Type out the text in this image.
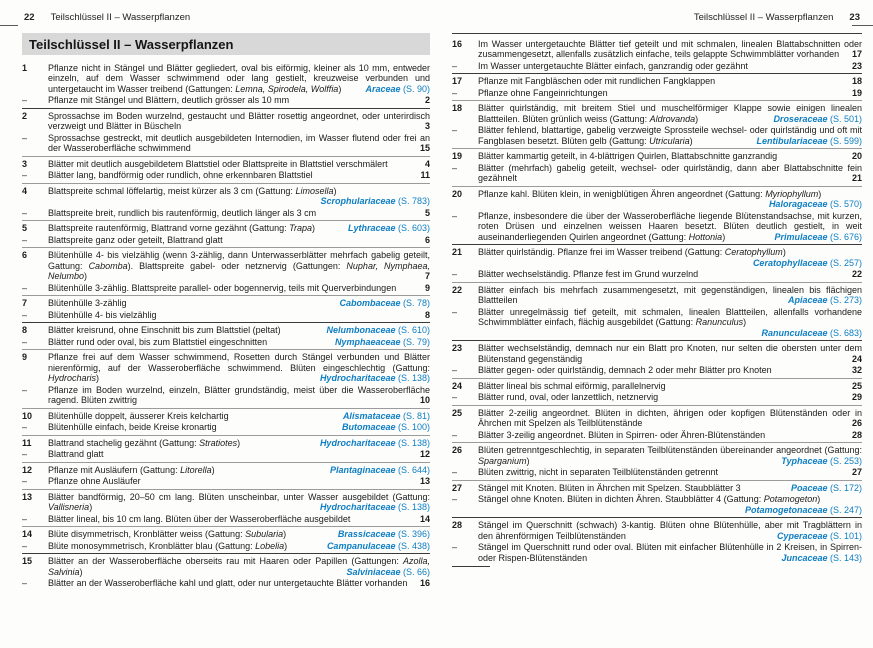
22 Teilschlüssel II – Wasserpflanzen
Teilschlüssel II – Wasserpflanzen
1	Pflanze nicht in Stängel und Blätter gegliedert, oval bis eiförmig, kleiner als 10 mm, entweder einzeln, auf dem Wasser schwimmend oder lang gestielt, kreuzweise verbunden und untergetaucht im Wasser treibend (Gattungen: Lemna, Spirodela, Wolffia)	Araceae (S. 90)
–	Pflanze mit Stängel und Blättern, deutlich grösser als 10 mm	2
2	Sprossachse im Boden wurzelnd, gestaucht und Blätter rosettig angeordnet, oder unterirdisch verzweigt und Blätter in Büscheln	3
–	Sprossachse gestreckt, mit deutlich ausgebildeten Internodien, im Wasser flutend oder frei an der Wasseroberfläche schwimmend	15
3	Blätter mit deutlich ausgebildetem Blattstiel oder Blattspreite in Blattstiel verschmälert	4
–	Blätter lang, bandförmig oder rundlich, ohne erkennbaren Blattstiel	11
4	Blattspreite schmal löffelartig, meist kürzer als 3 cm (Gattung: Limosella)
Scrophulariaceae (S. 783)
–	Blattspreite breit, rundlich bis rautenförmig, deutlich länger als 3 cm	5
5	Blattspreite rautenförmig, Blattrand vorne gezähnt (Gattung: Trapa)	Lythraceae (S. 603)
–	Blattspreite ganz oder geteilt, Blattrand glatt	6
6	Blütenhülle 4- bis vielzählig (wenn 3-zählig, dann Unterwasserblätter mehrfach gabelig geteilt, Gattung: Cabomba). Blattspreite gabel- oder netznervig (Gattungen: Nuphar, Nymphaea, Nelumbo)	7
–	Blütenhülle 3-zählig. Blattspreite parallel- oder bogennervig, teils mit Querverbindungen	9
7	Blütenhülle 3-zählig	Cabombaceae (S. 78)
–	Blütenhülle 4- bis vielzählig	8
8	Blätter kreisrund, ohne Einschnitt bis zum Blattstiel (peltat)	Nelumbonaceae (S. 610)
–	Blätter rund oder oval, bis zum Blattstiel eingeschnitten	Nymphaeaceae (S. 79)
9	Pflanze frei auf dem Wasser schwimmend, Rosetten durch Stängel verbunden und Blätter nierenförmig, auf der Wasseroberfläche schwimmend. Blüten eingeschlechtig (Gattung: Hydrocharis)	Hydrocharitaceae (S. 138)
–	Pflanze im Boden wurzelnd, einzeln, Blätter grundständig, meist über die Wasseroberfläche ragend. Blüten zwittrig	10
10	Blütenhülle doppelt, äusserer Kreis kelchartig	Alismataceae (S. 81)
–	Blütenhülle einfach, beide Kreise kronartig	Butomaceae (S. 100)
11	Blattrand stachelig gezähnt (Gattung: Stratiotes)	Hydrocharitaceae (S. 138)
–	Blattrand glatt	12
12	Pflanze mit Ausläufern (Gattung: Litorella)	Plantaginaceae (S. 644)
–	Pflanze ohne Ausläufer	13
13	Blätter bandförmig, 20–50 cm lang. Blüten unscheinbar, unter Wasser ausgebildet (Gattung: Vallisneria)	Hydrocharitaceae (S. 138)
–	Blätter lineal, bis 10 cm lang. Blüten über der Wasseroberfläche ausgebildet	14
14	Blüte disymmetrisch, Kronblätter weiss (Gattung: Subularia)	Brassicaceae (S. 396)
–	Blüte monosymmetrisch, Kronblätter blau (Gattung: Lobelia)	Campanulaceae (S. 438)
15	Blätter an der Wasseroberfläche oberseits rau mit Haaren oder Papillen (Gattungen: Azolla, Salvinia)	Salviniaceae (S. 66)
–	Blätter an der Wasseroberfläche kahl und glatt, oder nur untergetauchte Blätter vorhanden 16
Teilschlüssel II – Wasserpflanzen 23
16	Im Wasser untergetauchte Blätter tief geteilt und mit schmalen, linealen Blattabschnitten oder zusammengesetzt, allenfalls zusätzlich einfache, teils gelappte Schwimmblätter vorhanden 17
–	Im Wasser untergetauchte Blätter einfach, ganzrandig oder gezähnt	23
17	Pflanze mit Fangbläschen oder mit rundlichen Fangklappen	18
–	Pflanze ohne Fangeinrichtungen	19
18	Blätter quirlständig, mit breitem Stiel und muschelförmiger Klappe sowie einigen linealen Blattteilen. Blüten grünlich weiss (Gattung: Aldrovanda)	Droseraceae (S. 501)
–	Blätter fehlend, blattartige, gabelig verzweigte Sprossteile wechsel- oder quirlständig und oft mit Fangblasen besetzt. Blüten gelb (Gattung: Utricularia)	Lentibulariaceae (S. 599)
19	Blätter kammartig geteilt, in 4-blättrigen Quirlen, Blattabschnitte ganzrandig	20
–	Blätter (mehrfach) gabelig geteilt, wechsel- oder quirlständig, dann aber Blattabschnitte fein gezähnelt	21
20	Pflanze kahl. Blüten klein, in wenigblütigen Ähren angeordnet (Gattung: Myriophyllum)
Haloragaceae (S. 570)
–	Pflanze, insbesondere die über der Wasseroberfläche liegende Blütenstandsachse, mit kurzen, roten Drüsen und einzelnen weissen Haaren besetzt. Blüten deutlich gestielt, in weit auseinanderliegenden Quirlen angeordnet (Gattung: Hottonia)	Primulaceae (S. 676)
21	Blätter quirlständig. Pflanze frei im Wasser treibend (Gattung: Ceratophyllum)
Ceratophyllaceae (S. 257)
–	Blätter wechselständig. Pflanze fest im Grund wurzelnd	22
22	Blätter einfach bis mehrfach zusammengesetzt, mit gegenständigen, linealen bis flächigen Blattteilen	Apiaceae (S. 273)
–	Blätter unregelmässig tief geteilt, mit schmalen, linealen Blattteilen, allenfalls vorhandene Schwimmblätter einfach, flächig ausgebildet (Gattung: Ranunculus)
Ranunculaceae (S. 683)
23	Blätter wechselständig, demnach nur ein Blatt pro Knoten, nur selten die obersten unter dem Blütenstand gegenständig	24
–	Blätter gegen- oder quirlständig, demnach 2 oder mehr Blätter pro Knoten	32
24	Blätter lineal bis schmal eiförmig, parallelnervig	25
–	Blätter rund, oval, oder lanzettlich, netznervig	29
25	Blätter 2-zeilig angeordnet. Blüten in dichten, ährigen oder kopfigen Blütenständen oder in Ährchen mit Spelzen als Teilblütenstände	26
–	Blätter 3-zeilig angeordnet. Blüten in Spirren- oder Ähren-Blütenständen	28
26	Blüten getrenntgeschlechtig, in separaten Teilblütenständen übereinander angeordnet (Gattung: Sparganium)	Typhaceae (S. 253)
–	Blüten zwittrig, nicht in separaten Teilblütenständen getrennt	27
27	Stängel mit Knoten. Blüten in Ährchen mit Spelzen. Staubblätter 3	Poaceae (S. 172)
–	Stängel ohne Knoten. Blüten in dichten Ähren. Staubblätter 4 (Gattung: Potamogeton)
Potamogetonaceae (S. 247)
28	Stängel im Querschnitt (schwach) 3-kantig. Blüten ohne Blütenhülle, aber mit Tragblättern in den ährenförmigen Teilblütenständen	Cyperaceae (S. 101)
–	Stängel im Querschnitt rund oder oval. Blüten mit einfacher Blütenhülle in 2 Kreisen, in Spirren- oder Rispen-Blütenständen	Juncaceae (S. 143)
